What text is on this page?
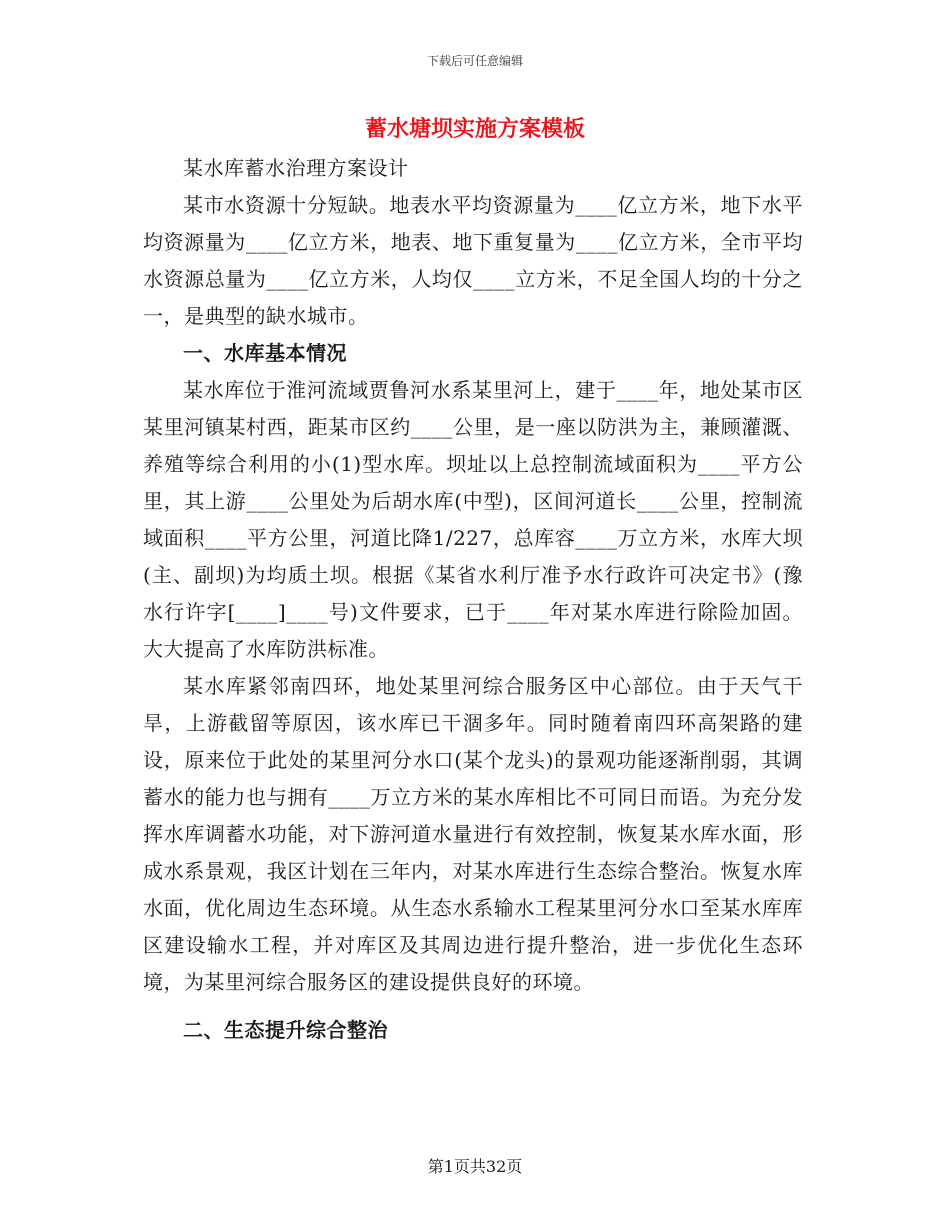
下载后可任意编辑
蓄水塘坝实施方案模板

某水库蓄水治理方案设计

某市水资源十分短缺。地表水平均资源量为____亿立方米，地下水平均资源量为____亿立方米，地表、地下重复量为____亿立方米，全市平均水资源总量为____亿立方米，人均仅____立方米，不足全国人均的十分之一，是典型的缺水城市。

一、水库基本情况

某水库位于淮河流域贾鲁河水系某里河上，建于____年，地处某市区某里河镇某村西，距某市区约____公里，是一座以防洪为主，兼顾灌溉、养殖等综合利用的小(1)型水库。坝址以上总控制流域面积为____平方公里，其上游____公里处为后胡水库(中型)，区间河道长____公里，控制流域面积____平方公里，河道比降1/227，总库容____万立方米，水库大坝(主、副坝)为均质土坝。根据《某省水利厅准予水行政许可决定书》(豫水行许字[____]____号)文件要求，已于____年对某水库进行除险加固。大大提高了水库防洪标准。

某水库紧邻南四环，地处某里河综合服务区中心部位。由于天气干旱，上游截留等原因，该水库已干涸多年。同时随着南四环高架路的建设，原来位于此处的某里河分水口(某个龙头)的景观功能逐渐削弱，其调蓄水的能力也与拥有____万立方米的某水库相比不可同日而语。为充分发挥水库调蓄水功能，对下游河道水量进行有效控制，恢复某水库水面，形成水系景观，我区计划在三年内，对某水库进行生态综合整治。恢复水库水面，优化周边生态环境。从生态水系输水工程某里河分水口至某水库库区建设输水工程，并对库区及其周边进行提升整治，进一步优化生态环境，为某里河综合服务区的建设提供良好的环境。

二、生态提升综合整治
第1页共32页
